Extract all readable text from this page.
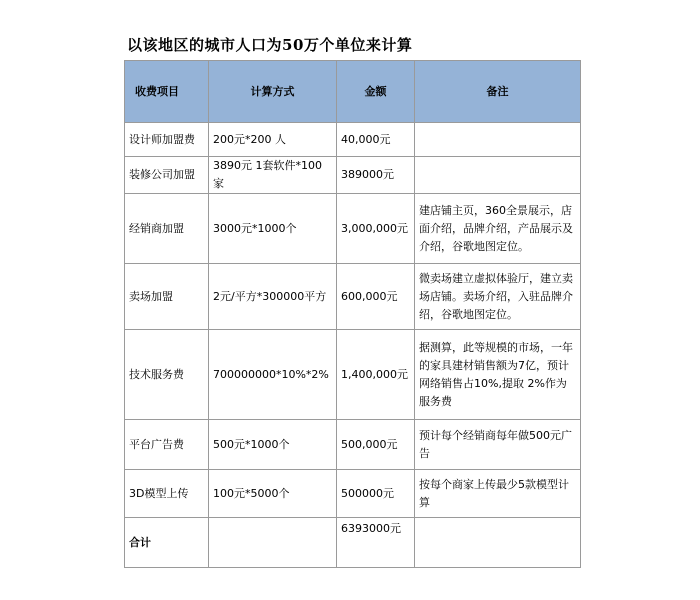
以该地区的城市人口为50万个单位来计算
收费项目	计算方式	金额	备注
设计师加盟费	200元*200 人	40,000元	
装修公司加盟	3890元 1套软件*100家	389000元	
经销商加盟	3000元*1000个	3,000,000元	建店铺主页，360全景展示，店面介绍，品牌介绍，产品展示及介绍，谷歌地图定位。
卖场加盟	2元/平方*300000平方	600,000元	微卖场建立虚拟体验厅，建立卖场店铺。卖场介绍，入驻品牌介绍，谷歌地图定位。
技术服务费	700000000*10%*2%	1,400,000元	据测算，此等规模的市场，一年的家具建材销售额为7亿，预计网络销售占10%,提取 2%作为服务费
平台广告费	500元*1000个	500,000元	预计每个经销商每年做500元广告
3D模型上传	100元*5000个	500000元	按每个商家上传最少5款模型计算
合计		6393000元	
